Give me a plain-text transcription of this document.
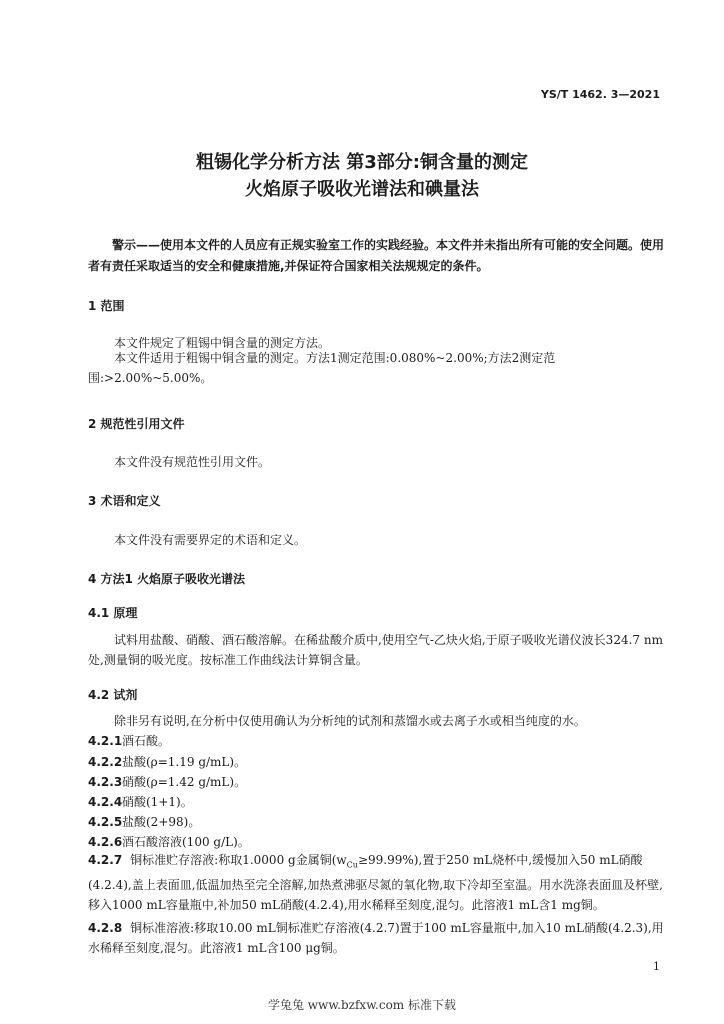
YS/T 1462. 3—2021
粗锡化学分析方法 第3部分:铜含量的测定
火焰原子吸收光谱法和碘量法
警示——使用本文件的人员应有正规实验室工作的实践经验。本文件并未指出所有可能的安全问题。使用者有责任采取适当的安全和健康措施,并保证符合国家相关法规规定的条件。
1 范围
本文件规定了粗锡中铜含量的测定方法。
本文件适用于粗锡中铜含量的测定。方法1测定范围:0.080%~2.00%;方法2测定范围:>2.00%~5.00%。
2 规范性引用文件
本文件没有规范性引用文件。
3 术语和定义
本文件没有需要界定的术语和定义。
4 方法1 火焰原子吸收光谱法
4.1 原理
试料用盐酸、硝酸、酒石酸溶解。在稀盐酸介质中,使用空气-乙炔火焰,于原子吸收光谱仪波长324.7 nm处,测量铜的吸光度。按标准工作曲线法计算铜含量。
4.2 试剂
除非另有说明,在分析中仅使用确认为分析纯的试剂和蒸馏水或去离子水或相当纯度的水。
4.2.1酒石酸。
4.2.2盐酸(ρ=1.19 g/mL)。
4.2.3硝酸(ρ=1.42 g/mL)。
4.2.4硝酸(1+1)。
4.2.5盐酸(2+98)。
4.2.6酒石酸溶液(100 g/L)。
4.2.7 铜标准贮存溶液:称取1.0000 g金属铜$(w_{Cu}\ge 99.99\%)$,置于250 mL烧杯中,缓慢加入50 mL硝酸(4.2.4),盖上表面皿,低温加热至完全溶解,加热煮沸驱尽氮的氧化物,取下冷却至室温。用水洗涤表面皿及杯壁,移入1000 mL容量瓶中,补加50 mL硝酸(4.2.4),用水稀释至刻度,混匀。此溶液1 mL含1 mg铜。
4.2.8 铜标准溶液:移取10.00 mL铜标准贮存溶液(4.2.7)置于100 mL容量瓶中,加入10 mL硝酸(4.2.3),用水稀释至刻度,混匀。此溶液1 mL含100 μg铜。
1
学兔兔 www.bzfxw.com 标准下载
